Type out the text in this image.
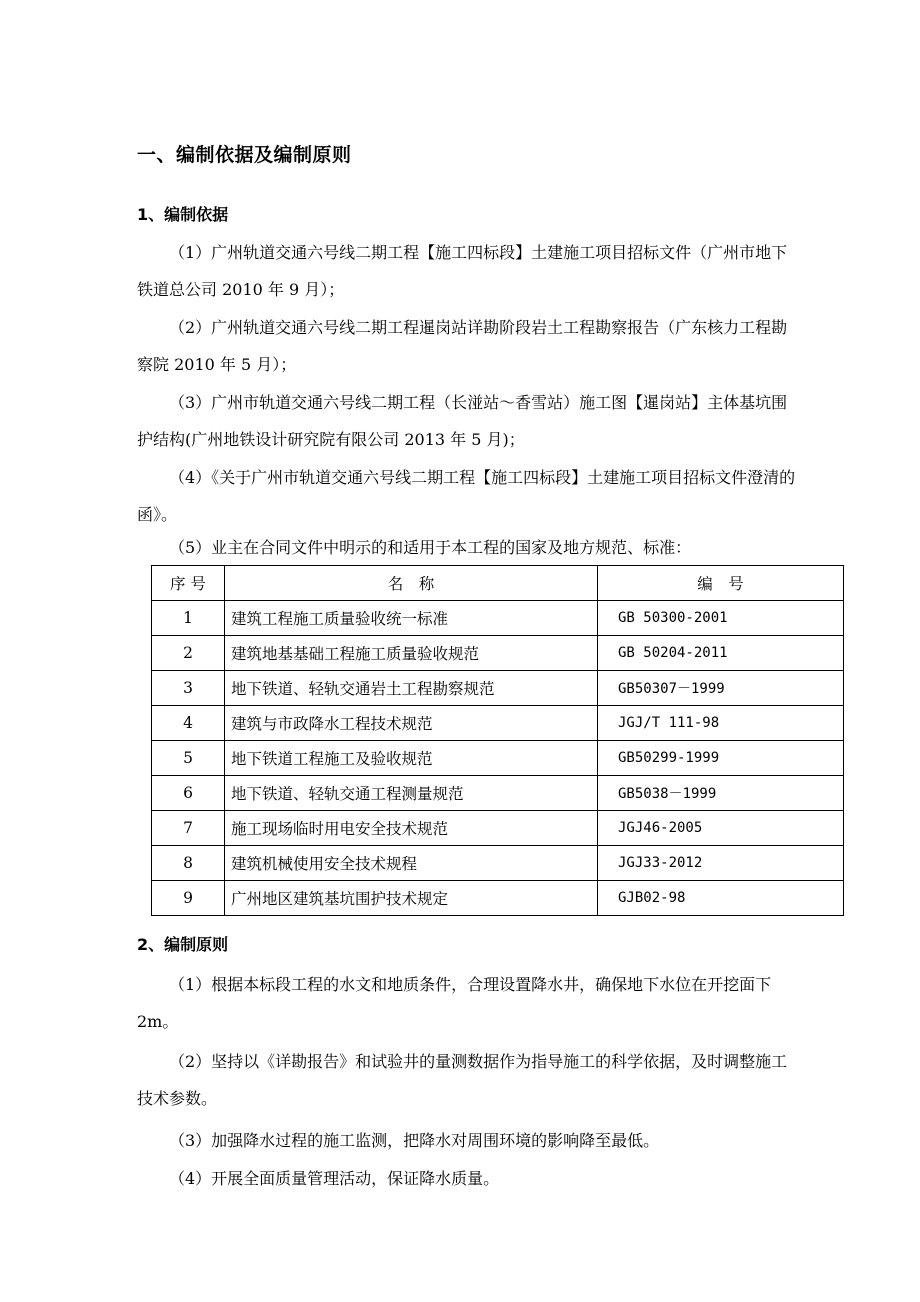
一、编制依据及编制原则
1、编制依据

（1）广州轨道交通六号线二期工程【施工四标段】土建施工项目招标文件（广州市地下铁道总公司 2010 年 9 月）；

（2）广州轨道交通六号线二期工程暹岗站详勘阶段岩土工程勘察报告（广东核力工程勘察院 2010 年 5 月）；

（3）广州市轨道交通六号线二期工程（长湴站～香雪站）施工图【暹岗站】主体基坑围护结构(广州地铁设计研究院有限公司 2013 年 5 月)；

（4）《关于广州市轨道交通六号线二期工程【施工四标段】土建施工项目招标文件澄清的函》。

（5）业主在合同文件中明示的和适用于本工程的国家及地方规范、标准：

序 号	名　称	编　号
1	建筑工程施工质量验收统一标准	GB 50300-2001
2	建筑地基基础工程施工质量验收规范	GB 50204-2011
3	地下铁道、轻轨交通岩土工程勘察规范	GB50307－1999
4	建筑与市政降水工程技术规范	JGJ/T 111-98
5	地下铁道工程施工及验收规范	GB50299-1999
6	地下铁道、轻轨交通工程测量规范	GB5038－1999
7	施工现场临时用电安全技术规范	JGJ46-2005
8	建筑机械使用安全技术规程	JGJ33-2012
9	广州地区建筑基坑围护技术规定	GJB02-98
2、编制原则

（1）根据本标段工程的水文和地质条件，合理设置降水井，确保地下水位在开挖面下 2m。

（2）坚持以《详勘报告》和试验井的量测数据作为指导施工的科学依据，及时调整施工技术参数。

（3）加强降水过程的施工监测，把降水对周围环境的影响降至最低。

（4）开展全面质量管理活动，保证降水质量。
